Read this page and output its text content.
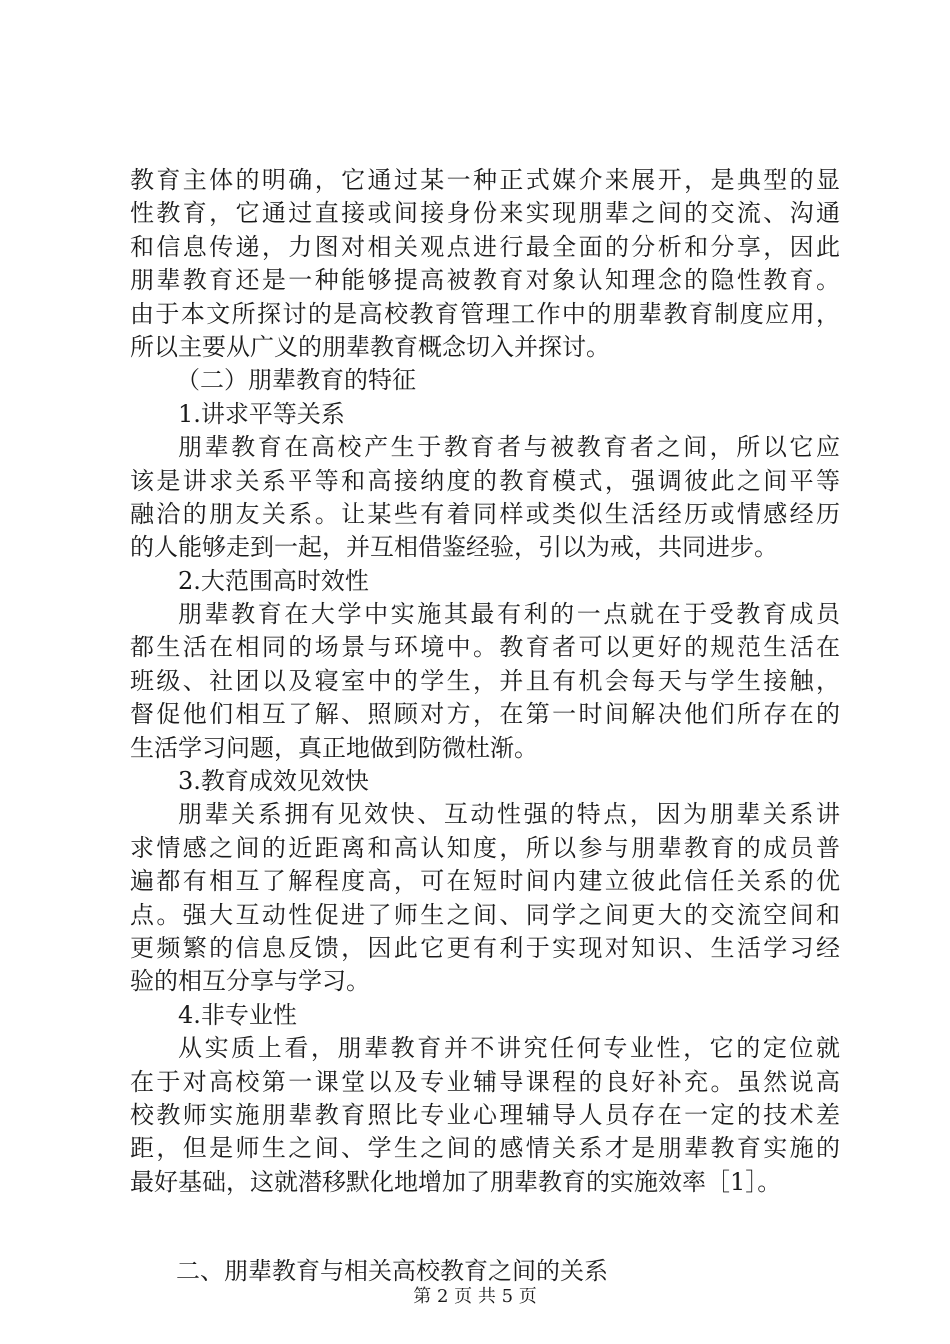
教育主体的明确，它通过某一种正式媒介来展开，是典型的显
性教育，它通过直接或间接身份来实现朋辈之间的交流、沟通
和信息传递，力图对相关观点进行最全面的分析和分享，因此
朋辈教育还是一种能够提高被教育对象认知理念的隐性教育。
由于本文所探讨的是高校教育管理工作中的朋辈教育制度应用，
所以主要从广义的朋辈教育概念切入并探讨。
（二）朋辈教育的特征
1.讲求平等关系
朋辈教育在高校产生于教育者与被教育者之间，所以它应
该是讲求关系平等和高接纳度的教育模式，强调彼此之间平等
融洽的朋友关系。让某些有着同样或类似生活经历或情感经历
的人能够走到一起，并互相借鉴经验，引以为戒，共同进步。
2.大范围高时效性
朋辈教育在大学中实施其最有利的一点就在于受教育成员
都生活在相同的场景与环境中。教育者可以更好的规范生活在
班级、社团以及寝室中的学生，并且有机会每天与学生接触，
督促他们相互了解、照顾对方，在第一时间解决他们所存在的
生活学习问题，真正地做到防微杜渐。
3.教育成效见效快
朋辈关系拥有见效快、互动性强的特点，因为朋辈关系讲
求情感之间的近距离和高认知度，所以参与朋辈教育的成员普
遍都有相互了解程度高，可在短时间内建立彼此信任关系的优
点。强大互动性促进了师生之间、同学之间更大的交流空间和
更频繁的信息反馈，因此它更有利于实现对知识、生活学习经
验的相互分享与学习。
4.非专业性
从实质上看，朋辈教育并不讲究任何专业性，它的定位就
在于对高校第一课堂以及专业辅导课程的良好补充。虽然说高
校教师实施朋辈教育照比专业心理辅导人员存在一定的技术差
距，但是师生之间、学生之间的感情关系才是朋辈教育实施的
最好基础，这就潜移默化地增加了朋辈教育的实施效率［1］。
二、朋辈教育与相关高校教育之间的关系
第 2 页 共 5 页
